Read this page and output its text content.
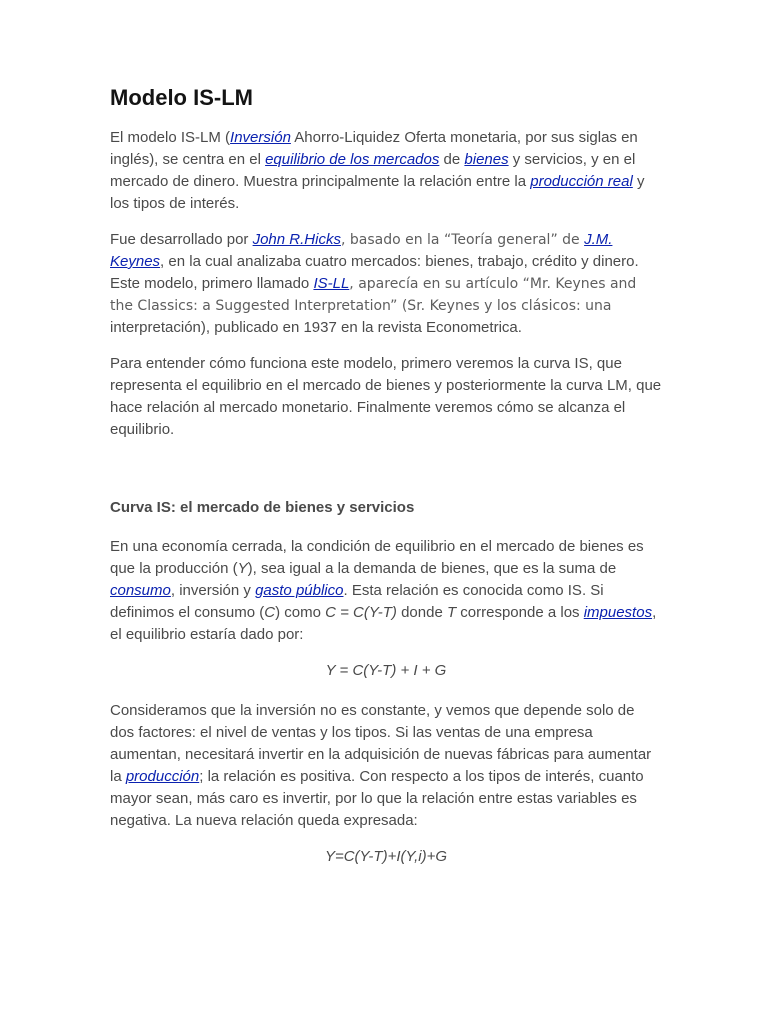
Modelo IS-LM

El modelo IS-LM (Inversión Ahorro-Liquidez Oferta monetaria, por sus siglas en inglés), se centra en el equilibrio de los mercados de bienes y servicios, y en el mercado de dinero. Muestra principalmente la relación entre la producción real y los tipos de interés.

Fue desarrollado por John R.Hicks, basado en la “Teoría general” de J.M. Keynes, en la cual analizaba cuatro mercados: bienes, trabajo, crédito y dinero. Este modelo, primero llamado IS-LL, aparecía en su artículo “Mr. Keynes and the Classics: a Suggested Interpretation” (Sr. Keynes y los clásicos: una interpretación), publicado en 1937 en la revista Econometrica.

Para entender cómo funciona este modelo, primero veremos la curva IS, que representa el equilibrio en el mercado de bienes y posteriormente la curva LM, que hace relación al mercado monetario. Finalmente veremos cómo se alcanza el equilibrio.

Curva IS: el mercado de bienes y servicios

En una economía cerrada, la condición de equilibrio en el mercado de bienes es que la producción (Y), sea igual a la demanda de bienes, que es la suma de consumo, inversión y gasto público. Esta relación es conocida como IS. Si definimos el consumo (C) como C = C(Y-T) donde T corresponde a los impuestos, el equilibrio estaría dado por:

Y = C(Y-T) + I + G

Consideramos que la inversión no es constante, y vemos que depende solo de dos factores: el nivel de ventas y los tipos. Si las ventas de una empresa aumentan, necesitará invertir en la adquisición de nuevas fábricas para aumentar la producción; la relación es positiva. Con respecto a los tipos de interés, cuanto mayor sean, más caro es invertir, por lo que la relación entre estas variables es negativa. La nueva relación queda expresada:

Y=C(Y-T)+I(Y,i)+G
